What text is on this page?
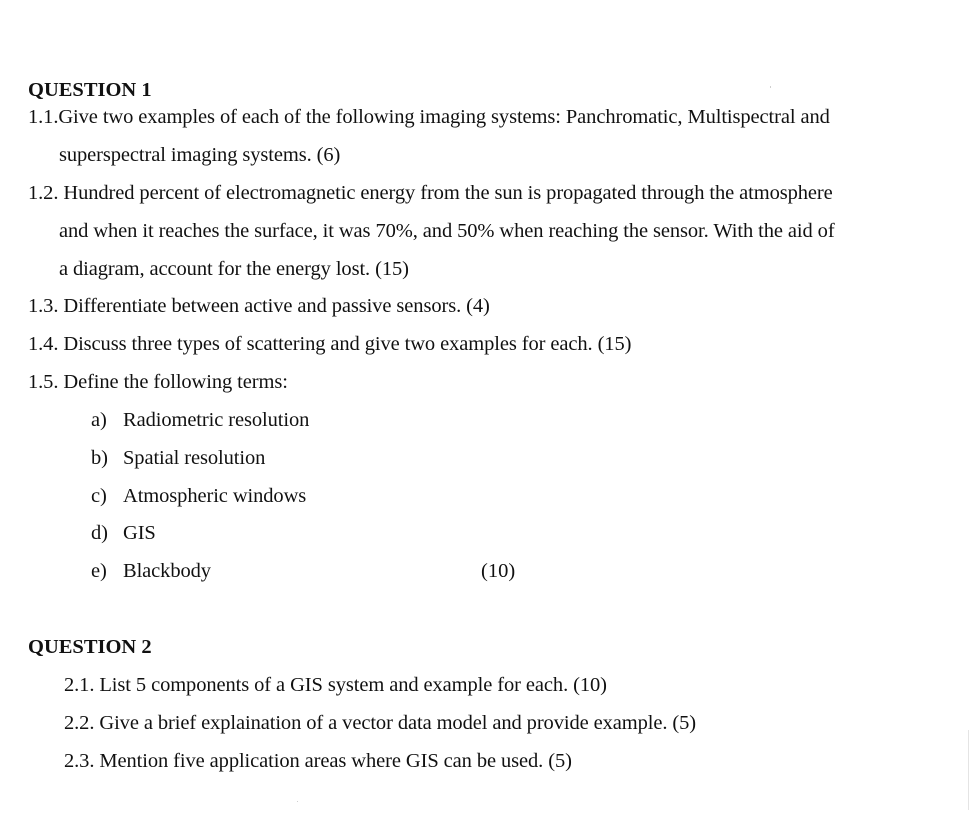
QUESTION 1
1.1.Give two examples of each of the following imaging systems: Panchromatic, Multispectral and
superspectral imaging systems. (6)
1.2. Hundred percent of electromagnetic energy from the sun is propagated through the atmosphere
and when it reaches the surface, it was 70%, and 50% when reaching the sensor. With the aid of
a diagram, account for the energy lost. (15)
1.3. Differentiate between active and passive sensors. (4)
1.4. Discuss three types of scattering and give two examples for each. (15)
1.5. Define the following terms:
a) Radiometric resolution
b) Spatial resolution
c) Atmospheric windows
d) GIS
e) Blackbody	(10)
QUESTION 2
2.1. List 5 components of a GIS system and example for each. (10)
2.2. Give a brief explaination of a vector data model and provide example. (5)
2.3. Mention five application areas where GIS can be used. (5)
